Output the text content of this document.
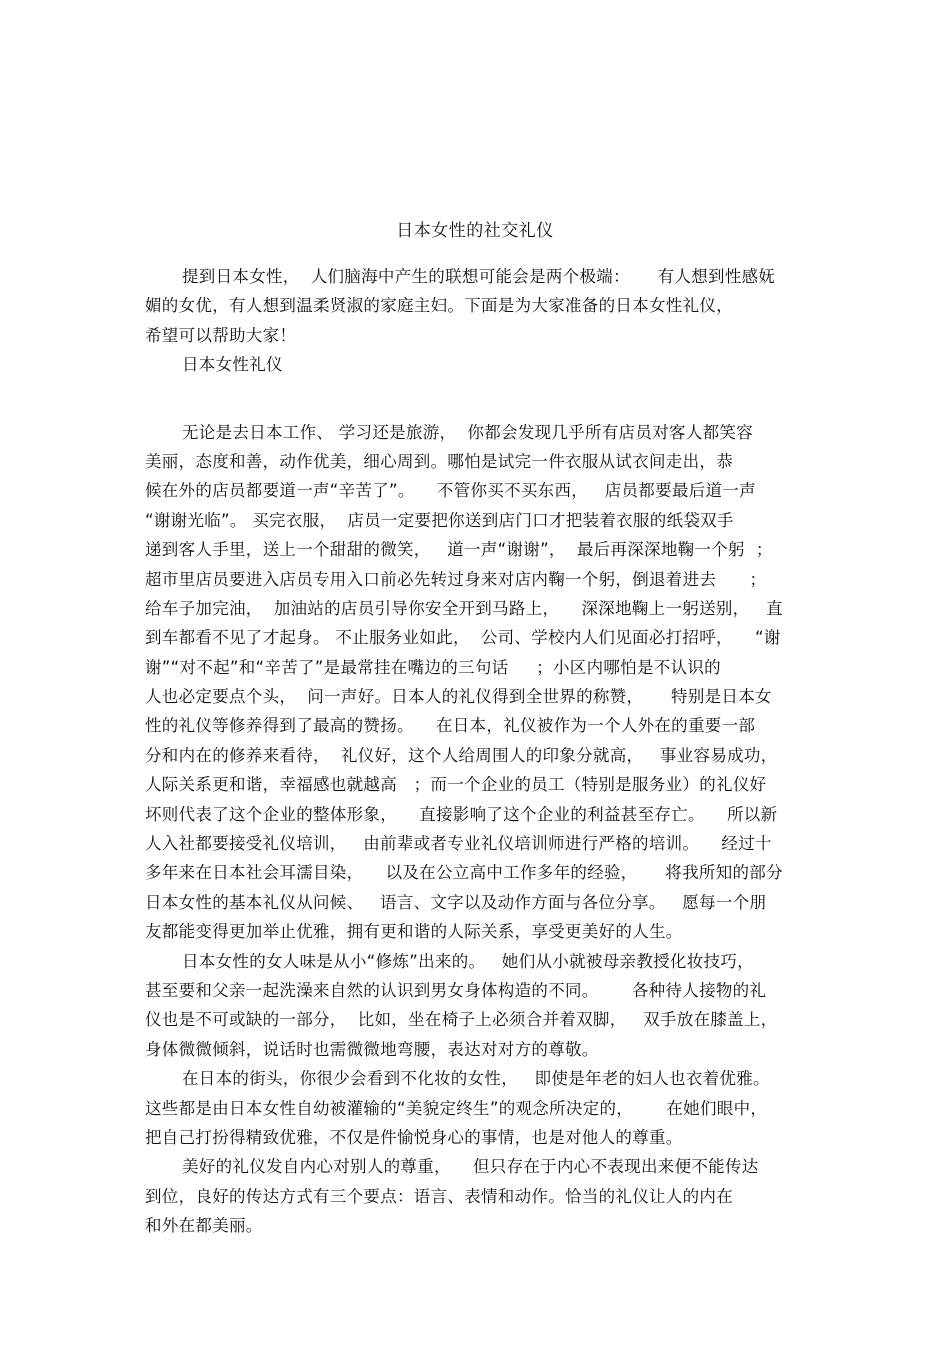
日本女性的社交礼仪
提到日本女性，  人们脑海中产生的联想可能会是两个极端：     有人想到性感妩
媚的女优，有人想到温柔贤淑的家庭主妇。下面是为大家准备的日本女性礼仪，
希望可以帮助大家！
日本女性礼仪
无论是去日本工作、 学习还是旅游，  你都会发现几乎所有店员对客人都笑容
美丽，态度和善，动作优美，细心周到。哪怕是试完一件衣服从试衣间走出，恭
候在外的店员都要道一声“辛苦了”。    不管你买不买东西，   店员都要最后道一声
“谢谢光临”。 买完衣服，  店员一定要把你送到店门口才把装着衣服的纸袋双手
递到客人手里，送上一个甜甜的微笑，   道一声“谢谢”，  最后再深深地鞠一个躬  ；
超市里店员要进入店员专用入口前必先转过身来对店内鞠一个躬，倒退着进去      ；
给车子加完油，  加油站的店员引导你安全开到马路上，    深深地鞠上一躬送别，   直
到车都看不见了才起身。 不止服务业如此，  公司、学校内人们见面必打招呼，    “谢
谢”“对不起”和“辛苦了”是最常挂在嘴边的三句话     ；小区内哪怕是不认识的
人也必定要点个头，  问一声好。日本人的礼仪得到全世界的称赞，     特别是日本女
性的礼仪等修养得到了最高的赞扬。    在日本，礼仪被作为一个人外在的重要一部
分和内在的修养来看待，  礼仪好，这个人给周围人的印象分就高，   事业容易成功，
人际关系更和谐，幸福感也就越高   ；而一个企业的员工（特别是服务业）的礼仪好
坏则代表了这个企业的整体形象，    直接影响了这个企业的利益甚至存亡。    所以新
人入社都要接受礼仪培训，   由前辈或者专业礼仪培训师进行严格的培训。    经过十
多年来在日本社会耳濡目染，    以及在公立高中工作多年的经验，     将我所知的部分
日本女性的基本礼仪从问候、   语言、文字以及动作方面与各位分享。   愿每一个朋
友都能变得更加举止优雅，拥有更和谐的人际关系，享受更美好的人生。
日本女性的女人味是从小“修炼”出来的。   她们从小就被母亲教授化妆技巧，
甚至要和父亲一起洗澡来自然的认识到男女身体构造的不同。      各种待人接物的礼
仪也是不可或缺的一部分，  比如，坐在椅子上必须合并着双脚，   双手放在膝盖上，
身体微微倾斜，说话时也需微微地弯腰，表达对对方的尊敬。
在日本的街头，你很少会看到不化妆的女性，   即使是年老的妇人也衣着优雅。
这些都是由日本女性自幼被灌输的“美貌定终生”的观念所决定的，      在她们眼中，
把自己打扮得精致优雅，不仅是件愉悦身心的事情，也是对他人的尊重。
美好的礼仪发自内心对别人的尊重，    但只存在于内心不表现出来便不能传达
到位，良好的传达方式有三个要点：语言、表情和动作。恰当的礼仪让人的内在
和外在都美丽。
